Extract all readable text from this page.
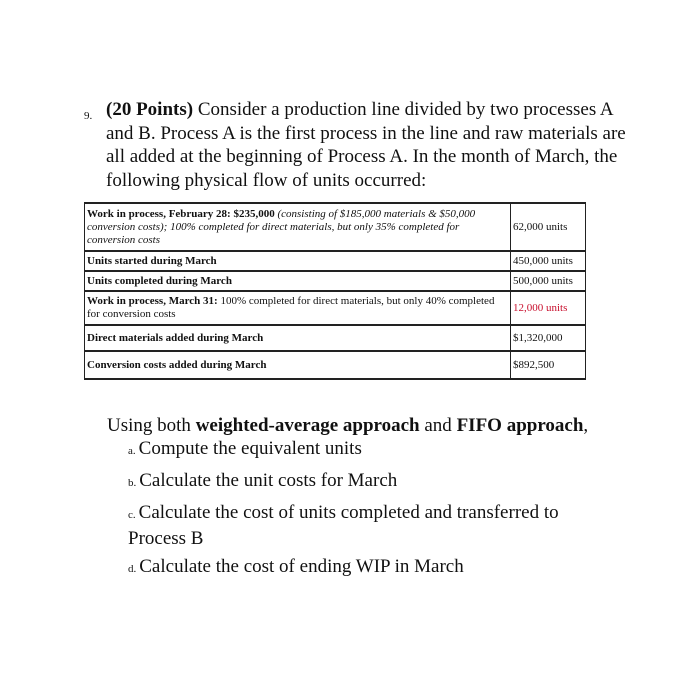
9. (20 Points) Consider a production line divided by two processes A and B. Process A is the first process in the line and raw materials are all added at the beginning of Process A. In the month of March, the following physical flow of units occurred:
Work in process, February 28: $235,000 (consisting of $185,000 materials & $50,000 conversion costs); 100% completed for direct materials, but only 35% completed for conversion costs	62,000 units
Units started during March	450,000 units
Units completed during March	500,000 units
Work in process, March 31: 100% completed for direct materials, but only 40% completed for conversion costs	12,000 units
Direct materials added during March	$1,320,000
Conversion costs added during March	$892,500
Using both weighted-average approach and FIFO approach,
a. Compute the equivalent units
b. Calculate the unit costs for March
c. Calculate the cost of units completed and transferred to Process B
d. Calculate the cost of ending WIP in March
